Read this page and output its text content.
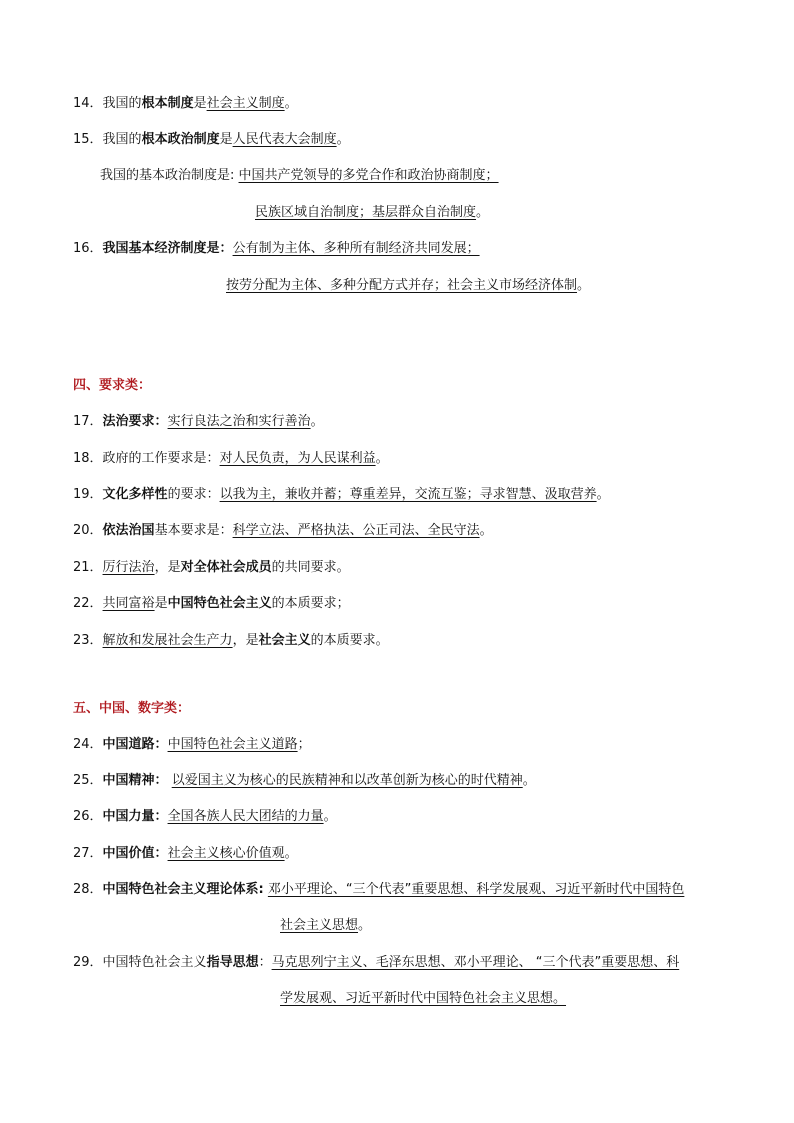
14．我国的根本制度是社会主义制度。
15．我国的根本政治制度是人民代表大会制度。
我国的基本政治制度是: 中国共产党领导的多党合作和政治协商制度；
民族区域自治制度；基层群众自治制度。
16．我国基本经济制度是：公有制为主体、多种所有制经济共同发展；
按劳分配为主体、多种分配方式并存；社会主义市场经济体制。
四、要求类：
17．法治要求：实行良法之治和实行善治。
18．政府的工作要求是：对人民负责，为人民谋利益。
19．文化多样性的要求：以我为主，兼收并蓄；尊重差异，交流互鉴；寻求智慧、汲取营养。
20．依法治国基本要求是：科学立法、严格执法、公正司法、全民守法。
21．厉行法治，是对全体社会成员的共同要求。
22．共同富裕是中国特色社会主义的本质要求；
23．解放和发展社会生产力，是社会主义的本质要求。
五、中国、数字类：
24．中国道路：中国特色社会主义道路；
25．中国精神： 以爱国主义为核心的民族精神和以改革创新为核心的时代精神。
26．中国力量：全国各族人民大团结的力量。
27．中国价值：社会主义核心价值观。
28．中国特色社会主义理论体系: 邓小平理论、“三个代表”重要思想、科学发展观、习近平新时代中国特色
社会主义思想。
29．中国特色社会主义指导思想：马克思列宁主义、毛泽东思想、邓小平理论、 “三个代表”重要思想、科
学发展观、习近平新时代中国特色社会主义思想。
